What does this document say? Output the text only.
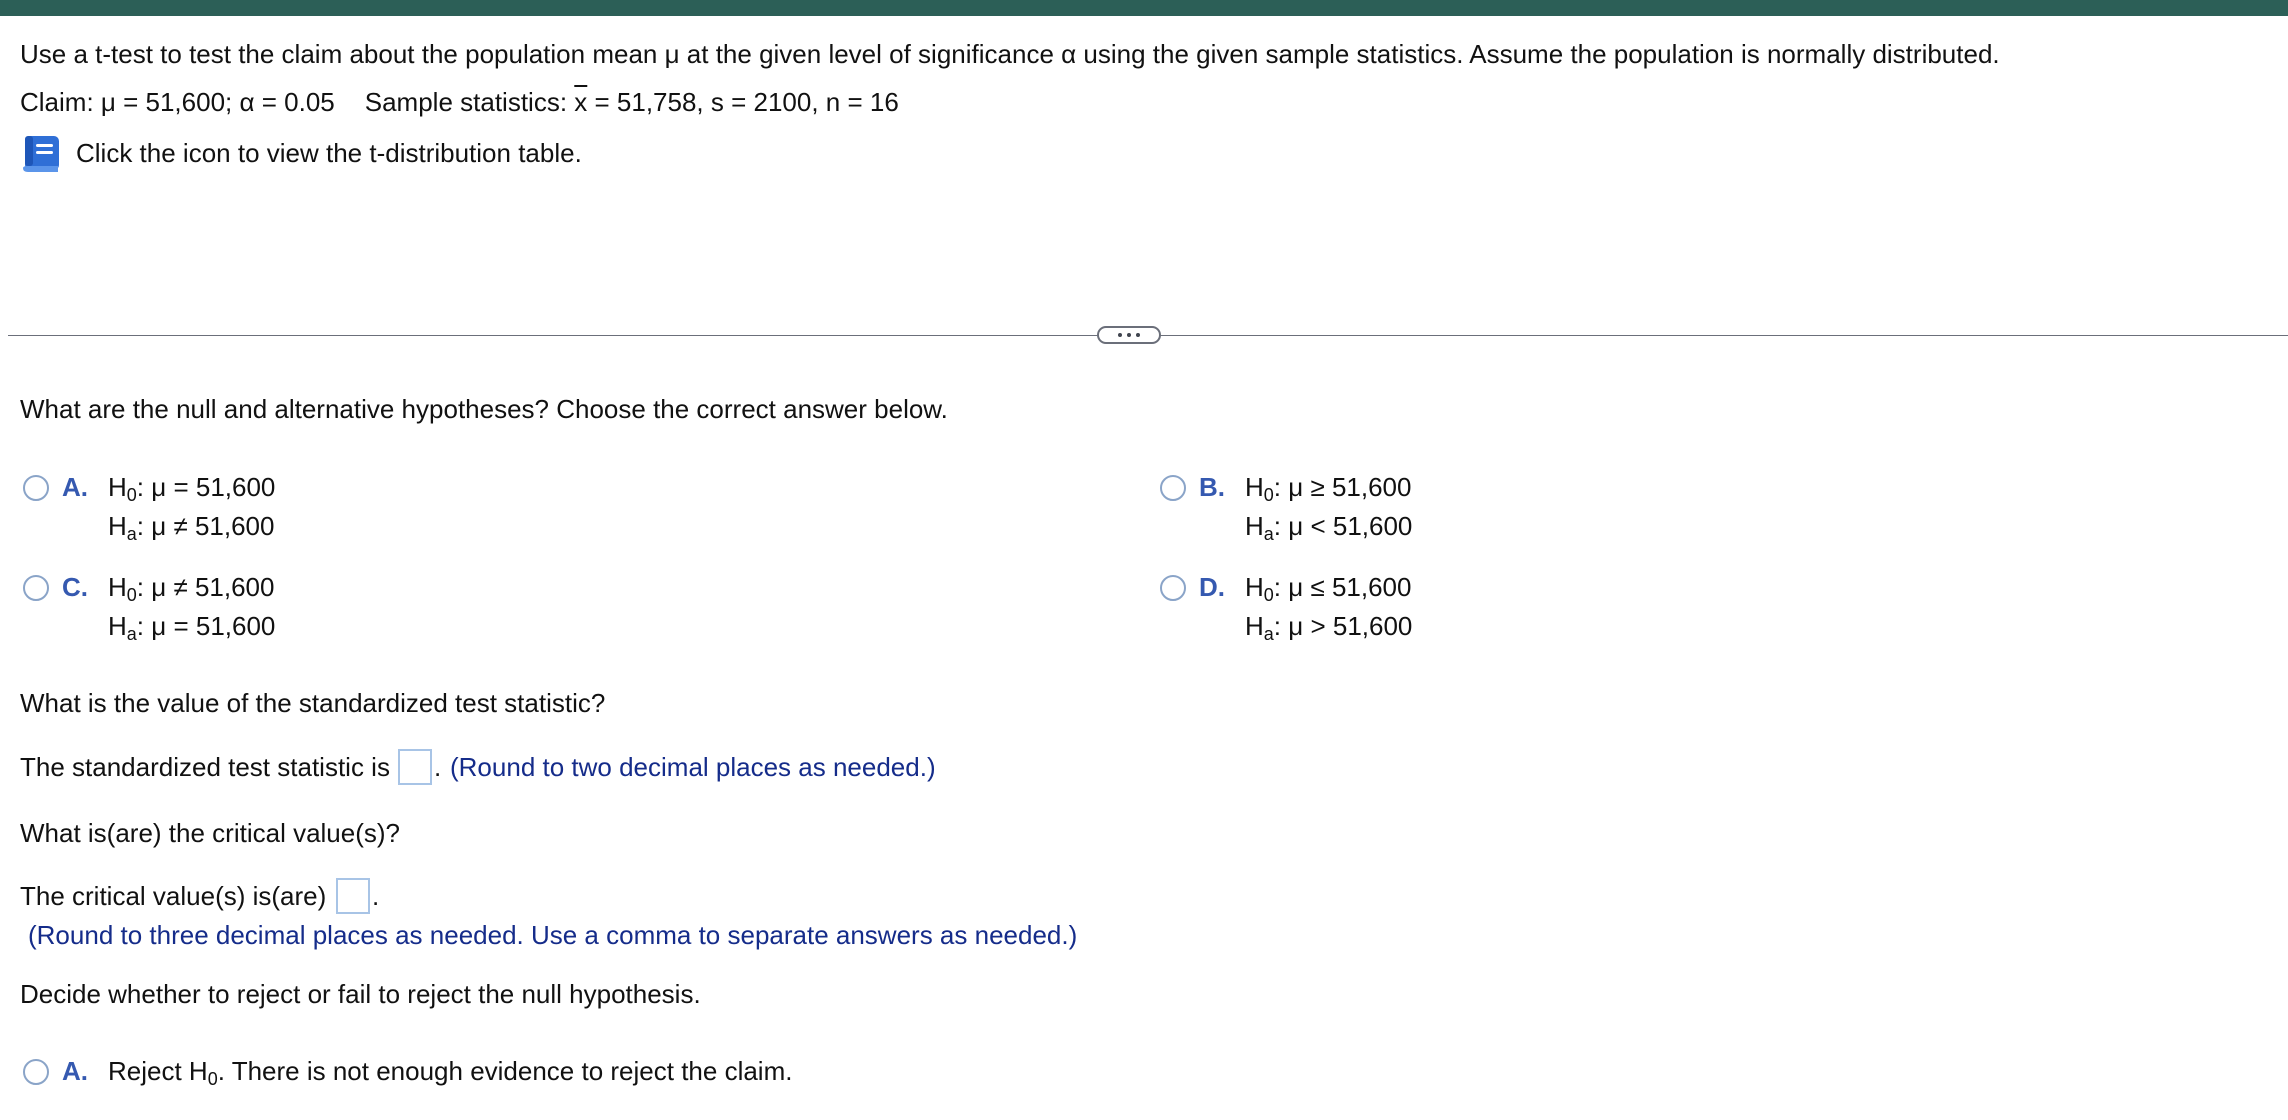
Use a t-test to test the claim about the population mean μ at the given level of significance α using the given sample statistics. Assume the population is normally distributed.
Claim: μ = 51,600; α = 0.05 Sample statistics: $\overline{x} = 51,758$, s = 2100, n = 16
Click the icon to view the t-distribution table.
What are the null and alternative hypotheses? Choose the correct answer below.
A. $H_0$: μ = 51,600
$H_a$: μ ≠ 51,600
B. $H_0$: μ ≥ 51,600
$H_a$: μ < 51,600
C. $H_0$: μ ≠ 51,600
$H_a$: μ = 51,600
D. $H_0$: μ ≤ 51,600
$H_a$: μ > 51,600
What is the value of the standardized test statistic?
The standardized test statistic is . (Round to two decimal places as needed.)
What is(are) the critical value(s)?
The critical value(s) is(are) .
(Round to three decimal places as needed. Use a comma to separate answers as needed.)
Decide whether to reject or fail to reject the null hypothesis.
A. Reject $H_0$. There is not enough evidence to reject the claim.
